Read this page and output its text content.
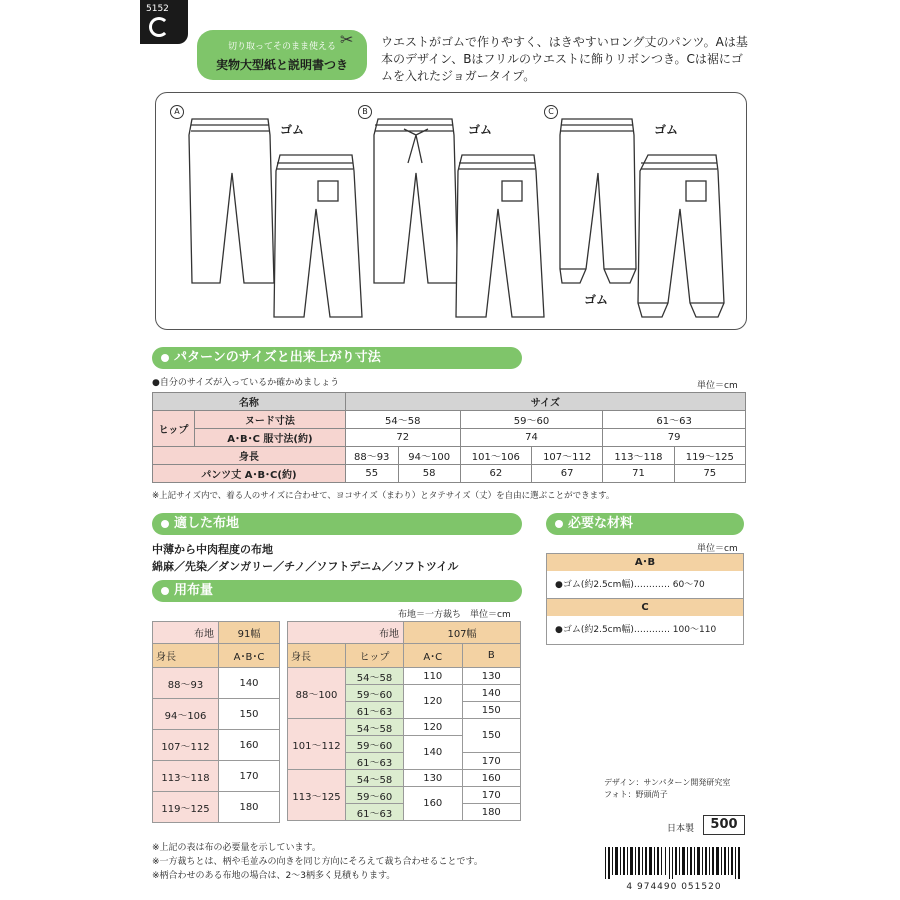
5152
切り取ってそのまま使える
実物大型紙と説明書つき
✂ ウエストがゴムで作りやすく、はきやすいロング丈のパンツ。Aは基本のデザイン、Bはフリルのウエストに飾りリボンつき。Cは裾にゴムを入れたジョガータイプ。
A	B	C
ゴム	ゴム	ゴム
ゴム
パターンのサイズと出来上がり寸法
●自分のサイズが入っているか確かめましょう	単位＝cm
名称		サイズ					
ヒップ	ヌード寸法	54〜58		59〜60		61〜63	
	A･B･C 服寸法(約)	72		74		79	
身長		88〜93	94〜100	101〜106	107〜112	113〜118	119〜125
パンツ丈 A･B･C(約)		55	58	62	67	71	75
※上記サイズ内で、着る人のサイズに合わせて、ヨコサイズ（まわり）とタテサイズ（丈）を自由に選ぶことができます。
適した布地
中薄から中肉程度の布地
綿麻／先染／ダンガリー／チノ／ソフトデニム／ソフトツイル
用布量
布地＝一方裁ち　単位＝cm
布地	91幅
身長	A･B･C
88〜93	140
94〜106	150
107〜112	160
113〜118	170
119〜125	180
布地		107幅	
身長	ヒップ	A･C	B
88〜100	54〜58	110	130
	59〜60	120	140
	61〜63		150
101〜112	54〜58	120	150
	59〜60	140	
	61〜63		170
113〜125	54〜58	130	160
	59〜60	160	170
	61〜63		180
※上記の表は布の必要量を示しています。
※一方裁ちとは、柄や毛並みの向きを同じ方向にそろえて裁ち合わせることです。
※柄合わせのある布地の場合は、2〜3柄多く見積もります。
必要な材料
単位＝cm
A･B
●ゴム(約2.5cm幅)‥‥‥‥‥‥ 60〜70
C
●ゴム(約2.5cm幅)‥‥‥‥‥‥ 100〜110
デザイン：サンパターン開発研究室
フォト：野頭尚子
日本製	500
4 974490 051520
